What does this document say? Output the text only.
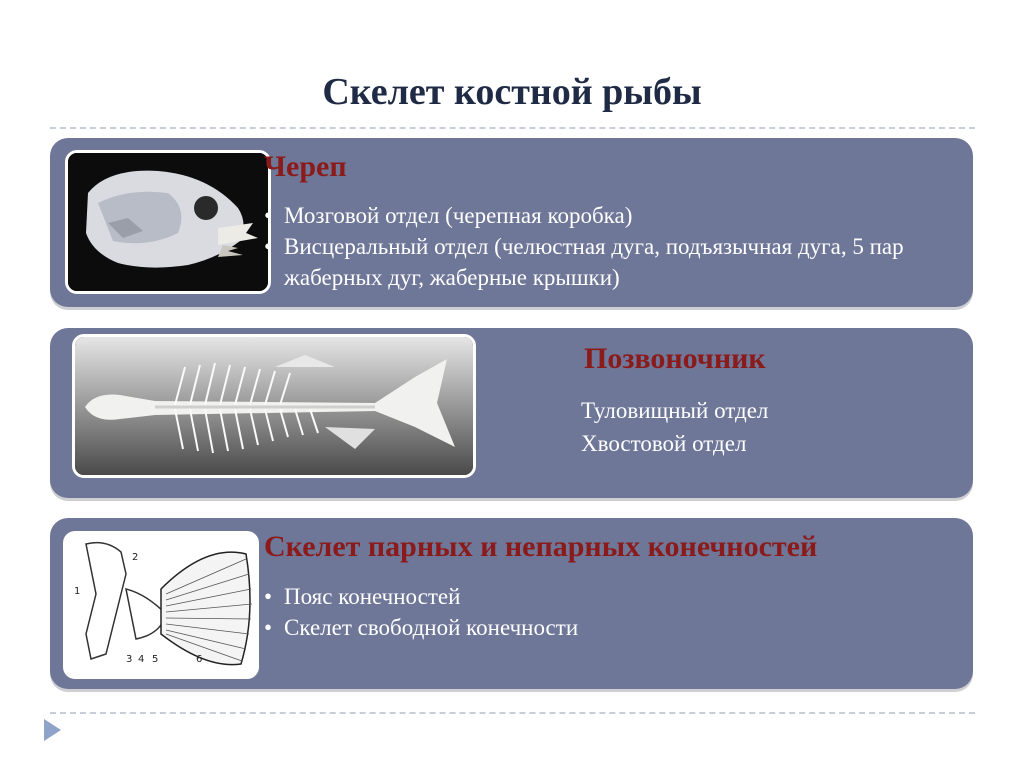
Скелет костной рыбы
Череп
• Мозговой отдел (черепная коробка)
• Висцеральный отдел (челюстная дуга, подъязычная дуга, 5 пар жаберных дуг, жаберные крышки)
Позвоночник
Туловищный отдел
Хвостовой отдел
1
2
3 4 5	6
Скелет парных и непарных конечностей
• Пояс конечностей
• Скелет свободной конечности
